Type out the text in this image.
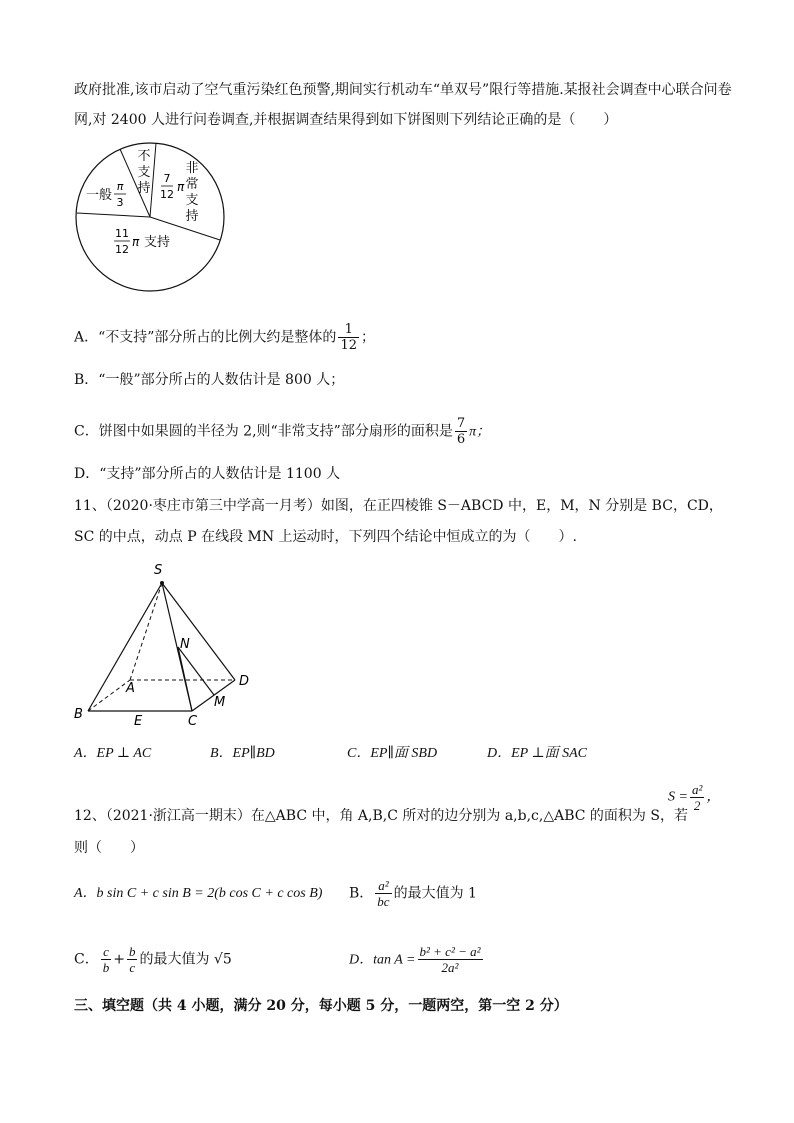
政府批准,该市启动了空气重污染红色预警,期间实行机动车“单双号”限行等措施.某报社会调查中心联合问卷
网,对 2400 人进行问卷调查,并根据调查结果得到如下饼图则下列结论正确的是（　　）
不
支
持
7
12
π
非
常
支
持
一般
π
3
11
12
π 支持
A．“不支持”部分所占的比例大约是整体的 $\frac{1}{12}$ ；
B．“一般”部分所占的人数估计是 800 人；
C．饼图中如果圆的半径为 2,则“非常支持”部分扇形的面积是 $\frac{7}{6}$ π；
D．“支持”部分所占的人数估计是 1100 人
11、（2020·枣庄市第三中学高一月考）如图，在正四棱锥 S－ABCD 中，E，M，N 分别是 BC，CD，
SC 的中点，动点 P 在线段 MN 上运动时，下列四个结论中恒成立的为（　　）.
S
N
A	D
M
B	E	C
A．EP ⊥ AC	B．EP∥BD	C．EP∥面 SBD	D．EP ⊥面 SAC
12、（2021·浙江高一期末）在△ABC 中，角 A,B,C 所对的边分别为 a,b,c,△ABC 的面积为 S，若
$S = \frac{\text{a²}}{2}$ ，
则（　　）
A．b sin C + c sin B = 2(b cos C + c cos B) B． $\frac{\text{a²}}{bc}$ 的最大值为 1
C． $\frac{c}{b} + \frac{b}{c}$ 的最大值为 √5	D．$\tan A = \frac{\text{b² + c² − a²}}{\text{2a²}}$
三、填空题（共 4 小题，满分 20 分，每小题 5 分，一题两空，第一空 2 分）
